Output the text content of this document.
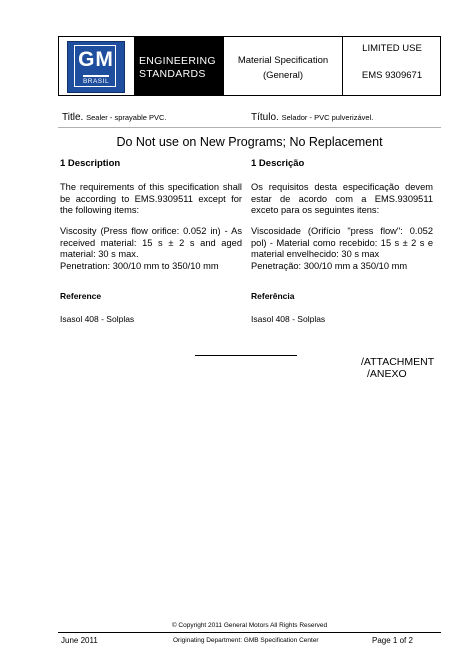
GM
BRASIL
ENGINEERING
STANDARDS
Material Specification
(General)
LIMITED USE
EMS 9309671
Title. Sealer - sprayable PVC.	Título. Selador - PVC pulverizável.
Do Not use on New Programs; No Replacement
1 Description
The requirements of this specification shall be according to EMS.9309511 except for the following items:
Viscosity (Press flow orifice: 0.052 in) - As received material: 15 s ± 2 s and aged material: 30 s max.
Penetration: 300/10 mm to 350/10 mm
1 Descrição
Os requisitos desta especificação devem estar de acordo com a EMS.9309511 exceto para os seguintes itens:
Viscosidade (Orifício "press flow": 0.052 pol) - Material como recebido: 15 s ± 2 s e material envelhecido: 30 s max
Penetração: 300/10 mm a 350/10 mm
Reference
Isasol 408 - Solplas
Referência
Isasol 408 - Solplas
/ATTACHMENT
/ANEXO
© Copyright 2011 General Motors All Rights Reserved
June 2011	Originating Department: GMB Specification Center	Page 1 of 2
